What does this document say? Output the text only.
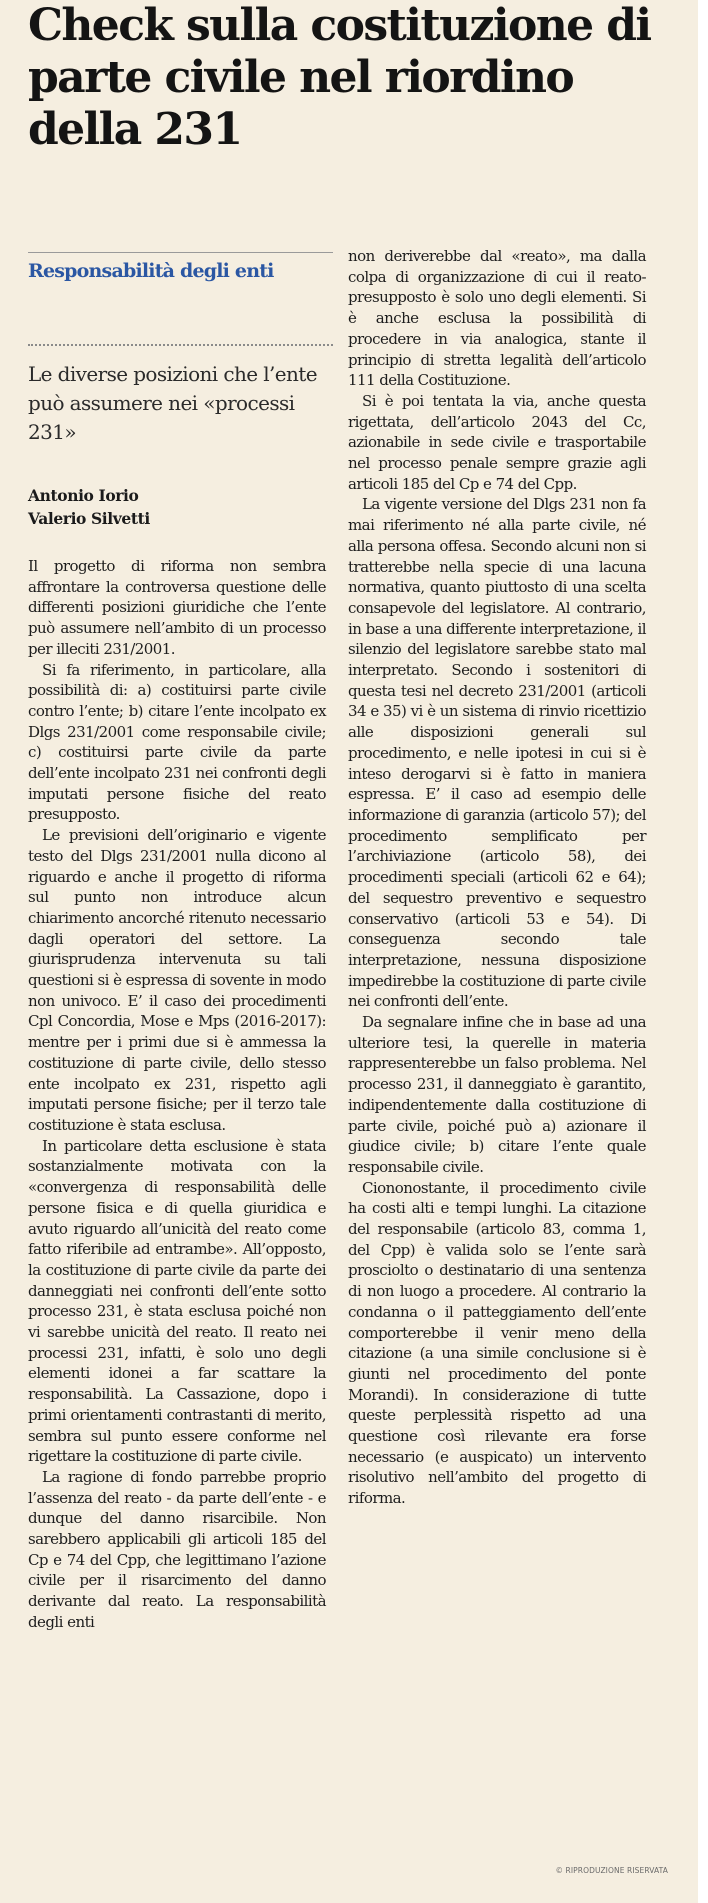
Check sulla costituzione di parte civile nel riordino della 231
Responsabilità degli enti

Le diverse posizioni che l’ente può assumere nei «processi 231»

Antonio Iorio
Valerio Silvetti

Il progetto di riforma non sembra affrontare la controversa questione delle differenti posizioni giuridiche che l’ente può assumere nell’ambito di un processo per illeciti 231/2001.

Si fa riferimento, in particolare, alla possibilità di: a) costituirsi parte civile contro l’ente; b) citare l’ente incolpato ex Dlgs 231/2001 come responsabile civile; c) costituirsi parte civile da parte dell’ente incolpato 231 nei confronti degli imputati persone fisiche del reato presupposto.

Le previsioni dell’originario e vigente testo del Dlgs 231/2001 nulla dicono al riguardo e anche il progetto di riforma sul punto non introduce alcun chiarimento ancorché ritenuto necessario dagli operatori del settore. La giurisprudenza intervenuta su tali questioni si è espressa di sovente in modo non univoco. E’ il caso dei procedimenti Cpl Concordia, Mose e Mps (2016-2017): mentre per i primi due si è ammessa la costituzione di parte civile, dello stesso ente incolpato ex 231, rispetto agli imputati persone fisiche; per il terzo tale costituzione è stata esclusa.

In particolare detta esclusione è stata sostanzialmente motivata con la «convergenza di responsabilità delle persone fisica e di quella giuridica e avuto riguardo all’unicità del reato come fatto riferibile ad entrambe». All’opposto, la costituzione di parte civile da parte dei danneggiati nei confronti dell’ente sotto processo 231, è stata esclusa poiché non vi sarebbe unicità del reato. Il reato nei processi 231, infatti, è solo uno degli elementi idonei a far scattare la responsabilità. La Cassazione, dopo i primi orientamenti contrastanti di merito, sembra sul punto essere conforme nel rigettare la costituzione di parte civile.

La ragione di fondo parrebbe proprio l’assenza del reato - da parte dell’ente - e dunque del danno risarcibile. Non sarebbero applicabili gli articoli 185 del Cp e 74 del Cpp, che legittimano l’azione civile per il risarcimento del danno derivante dal reato. La responsabilità degli enti

non deriverebbe dal «reato», ma dalla colpa di organizzazione di cui il reato-presupposto è solo uno degli elementi. Si è anche esclusa la possibilità di procedere in via analogica, stante il principio di stretta legalità dell’articolo 111 della Costituzione.

Si è poi tentata la via, anche questa rigettata, dell’articolo 2043 del Cc, azionabile in sede civile e trasportabile nel processo penale sempre grazie agli articoli 185 del Cp e 74 del Cpp.

La vigente versione del Dlgs 231 non fa mai riferimento né alla parte civile, né alla persona offesa. Secondo alcuni non si tratterebbe nella specie di una lacuna normativa, quanto piuttosto di una scelta consapevole del legislatore. Al contrario, in base a una differente interpretazione, il silenzio del legislatore sarebbe stato mal interpretato. Secondo i sostenitori di questa tesi nel decreto 231/2001 (articoli 34 e 35) vi è un sistema di rinvio ricettizio alle disposizioni generali sul procedimento, e nelle ipotesi in cui si è inteso derogarvi si è fatto in maniera espressa. E’ il caso ad esempio delle informazione di garanzia (articolo 57); del procedimento semplificato per l’archiviazione (articolo 58), dei procedimenti speciali (articoli 62 e 64); del sequestro preventivo e sequestro conservativo (articoli 53 e 54). Di conseguenza secondo tale interpretazione, nessuna disposizione impedirebbe la costituzione di parte civile nei confronti dell’ente.

Da segnalare infine che in base ad una ulteriore tesi, la querelle in materia rappresenterebbe un falso problema. Nel processo 231, il danneggiato è garantito, indipendentemente dalla costituzione di parte civile, poiché può a) azionare il giudice civile; b) citare l’ente quale responsabile civile.

Ciononostante, il procedimento civile ha costi alti e tempi lunghi. La citazione del responsabile (articolo 83, comma 1, del Cpp) è valida solo se l’ente sarà prosciolto o destinatario di una sentenza di non luogo a procedere. Al contrario la condanna o il patteggiamento dell’ente comporterebbe il venir meno della citazione (a una simile conclusione si è giunti nel procedimento del ponte Morandi). In considerazione di tutte queste perplessità rispetto ad una questione così rilevante era forse necessario (e auspicato) un intervento risolutivo nell’ambito del progetto di riforma.

© RIPRODUZIONE RISERVATA
